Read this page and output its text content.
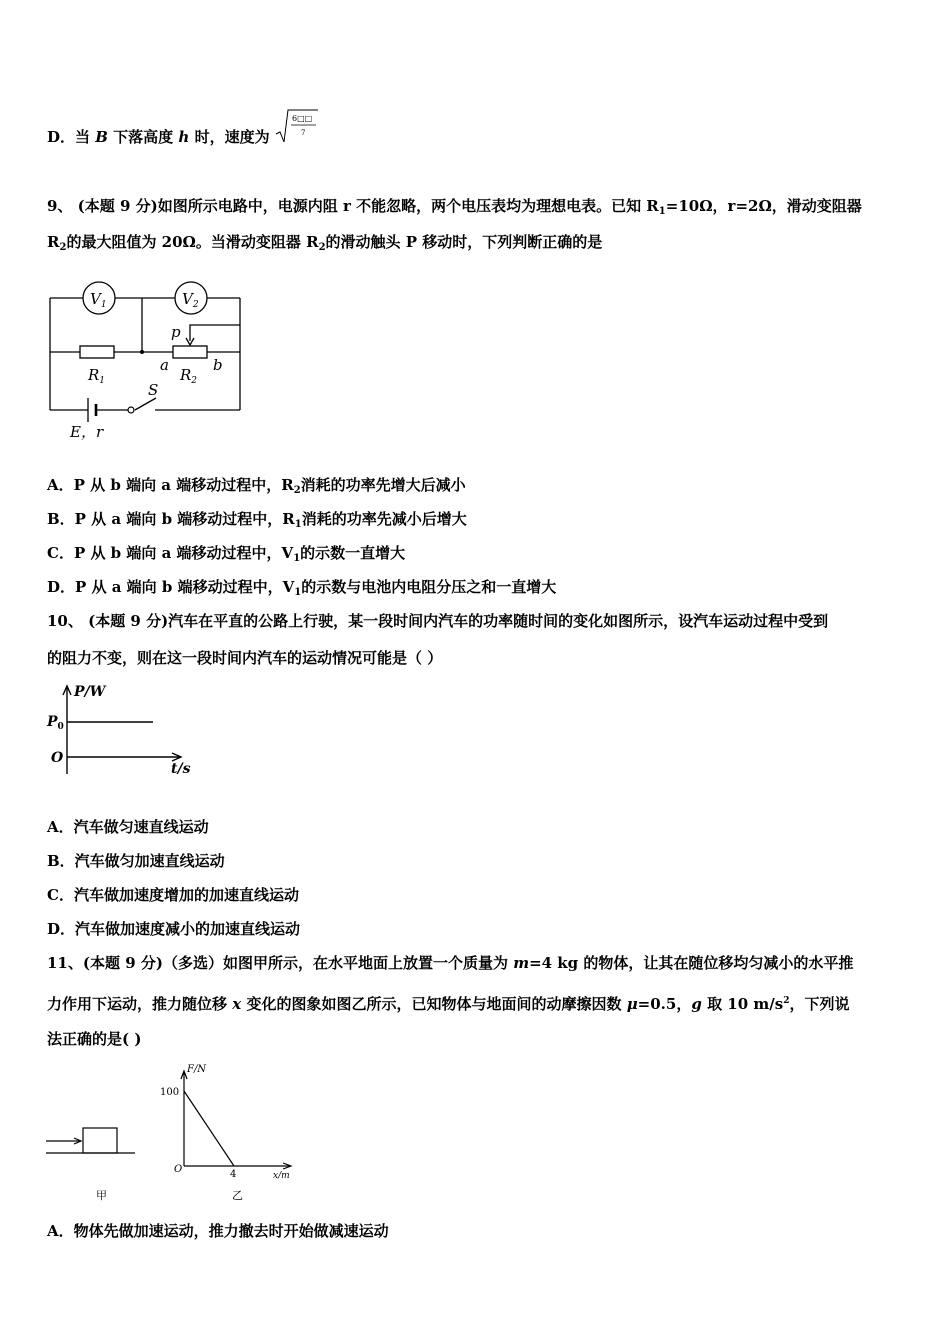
D．当 B 下落高度 h 时，速度为
6□□
7
9、 (本题 9 分)如图所示电路中，电源内阻 r 不能忽略，两个电压表均为理想电表。已知 $R_1=10\Omega$，r=2Ω，滑动变阻器
$R_2$的最大阻值为 20Ω。当滑动变阻器 $R_2$的滑动触头 P 移动时，下列判断正确的是
$V_1$	$V_2$
$R_1$	$R_2$
p
a	b
S
E，r
A．P 从 b 端向 a 端移动过程中，$R_2$消耗的功率先增大后减小
B．P 从 a 端向 b 端移动过程中，$R_1$消耗的功率先减小后增大
C．P 从 b 端向 a 端移动过程中，$V_1$的示数一直增大
D．P 从 a 端向 b 端移动过程中，$V_1$的示数与电池内电阻分压之和一直增大
10、 (本题 9 分)汽车在平直的公路上行驶，某一段时间内汽车的功率随时间的变化如图所示，设汽车运动过程中受到
的阻力不变，则在这一段时间内汽车的运动情况可能是（ ）
P/W
$P_0$
O
t/s
A．汽车做匀速直线运动
B．汽车做匀加速直线运动
C．汽车做加速度增加的加速直线运动
D．汽车做加速度减小的加速直线运动
11、(本题 9 分)（多选）如图甲所示，在水平地面上放置一个质量为 m=4 kg 的物体，让其在随位移均匀减小的水平推
力作用下运动，推力随位移 x 变化的图象如图乙所示，已知物体与地面间的动摩擦因数 μ=0.5，g 取 10 $m/s^2$，下列说
法正确的是( )
甲
F/N
100
O	4	x/m
乙
A．物体先做加速运动，推力撤去时开始做减速运动
